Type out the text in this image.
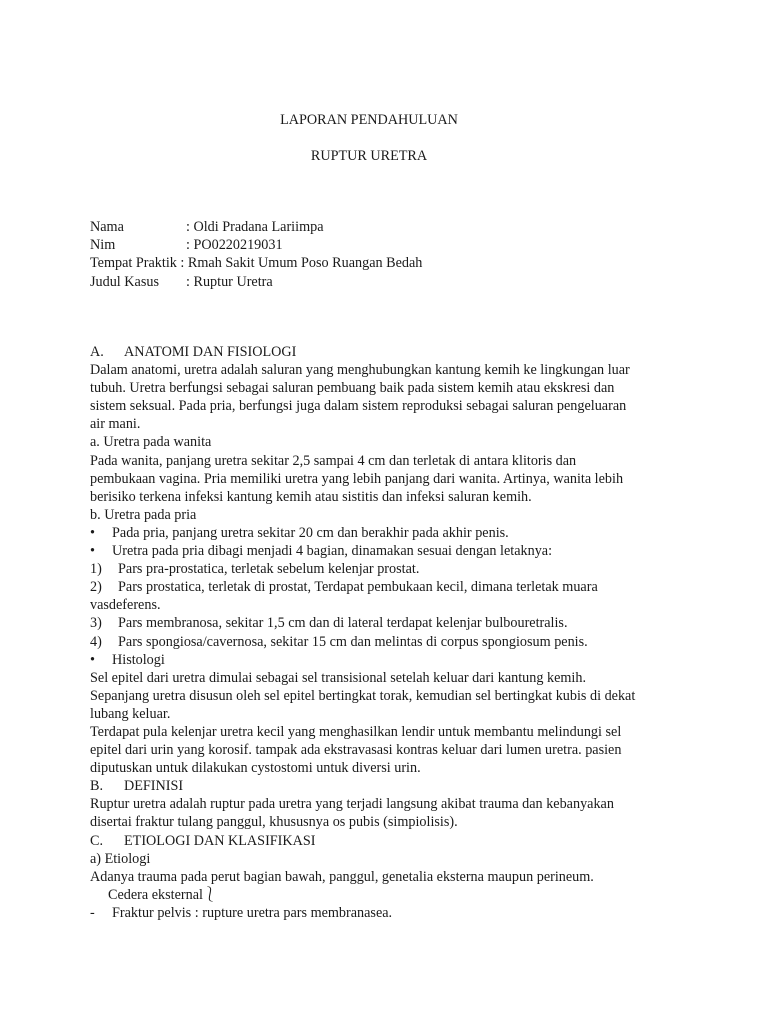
LAPORAN PENDAHULUAN
RUPTUR URETRA
Nama	: Oldi Pradana Lariimpa
Nim	: PO0220219031
Tempat Praktik : Rmah Sakit Umum Poso Ruangan Bedah
Judul Kasus : Ruptur Uretra
A. ANATOMI DAN FISIOLOGI
Dalam anatomi, uretra adalah saluran yang menghubungkan kantung kemih ke lingkungan luar
tubuh. Uretra berfungsi sebagai saluran pembuang baik pada sistem kemih atau ekskresi dan
sistem seksual. Pada pria, berfungsi juga dalam sistem reproduksi sebagai saluran pengeluaran
air mani.
a. Uretra pada wanita
Pada wanita, panjang uretra sekitar 2,5 sampai 4 cm dan terletak di antara klitoris dan
pembukaan vagina. Pria memiliki uretra yang lebih panjang dari wanita. Artinya, wanita lebih
berisiko terkena infeksi kantung kemih atau sistitis dan infeksi saluran kemih.
b. Uretra pada pria
• Pada pria, panjang uretra sekitar 20 cm dan berakhir pada akhir penis.
• Uretra pada pria dibagi menjadi 4 bagian, dinamakan sesuai dengan letaknya:
1) Pars pra-prostatica, terletak sebelum kelenjar prostat.
2) Pars prostatica, terletak di prostat, Terdapat pembukaan kecil, dimana terletak muara
vasdeferens.
3) Pars membranosa, sekitar 1,5 cm dan di lateral terdapat kelenjar bulbouretralis.
4) Pars spongiosa/cavernosa, sekitar 15 cm dan melintas di corpus spongiosum penis.
• Histologi
Sel epitel dari uretra dimulai sebagai sel transisional setelah keluar dari kantung kemih.
Sepanjang uretra disusun oleh sel epitel bertingkat torak, kemudian sel bertingkat kubis di dekat
lubang keluar.
Terdapat pula kelenjar uretra kecil yang menghasilkan lendir untuk membantu melindungi sel
epitel dari urin yang korosif. tampak ada ekstravasasi kontras keluar dari lumen uretra. pasien
diputuskan untuk dilakukan cystostomi untuk diversi urin.
B. DEFINISI
Ruptur uretra adalah ruptur pada uretra yang terjadi langsung akibat trauma dan kebanyakan
disertai fraktur tulang panggul, khususnya os pubis (simpiolisis).
C. ETIOLOGI DAN KLASIFIKASI
a) Etiologi
Adanya trauma pada perut bagian bawah, panggul, genetalia eksterna maupun perineum.
Cedera eksternal⎱
- Fraktur pelvis : rupture uretra pars membranasea.
